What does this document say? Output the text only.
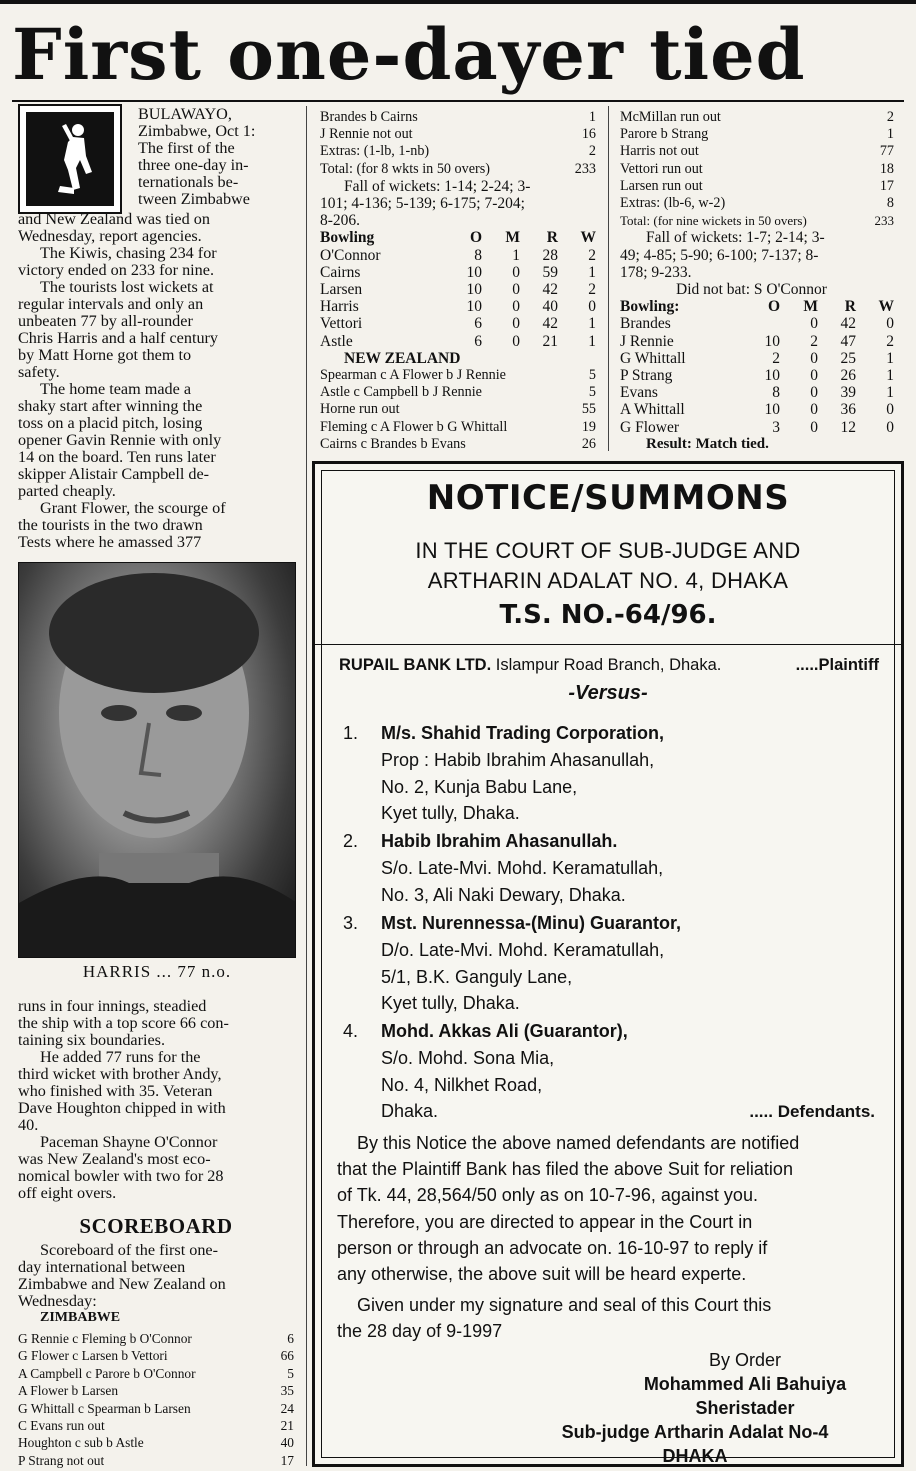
First one-dayer tied
BULAWAYO,
Zimbabwe, Oct 1:
The first of the
three one-day in-
ternationals be-
tween Zimbabwe
and New Zealand was tied on
Wednesday, report agencies.
The Kiwis, chasing 234 for
victory ended on 233 for nine.
The tourists lost wickets at
regular intervals and only an
unbeaten 77 by all-rounder
Chris Harris and a half century
by Matt Horne got them to
safety.
The home team made a
shaky start after winning the
toss on a placid pitch, losing
opener Gavin Rennie with only
14 on the board. Ten runs later
skipper Alistair Campbell de-
parted cheaply.
Grant Flower, the scourge of
the tourists in the two drawn
Tests where he amassed 377
HARRIS ... 77 n.o.
runs in four innings, steadied
the ship with a top score 66 con-
taining six boundaries.
He added 77 runs for the
third wicket with brother Andy,
who finished with 35. Veteran
Dave Houghton chipped in with
40.
Paceman Shayne O'Connor
was New Zealand's most eco-
nomical bowler with two for 28
off eight overs.
SCOREBOARD
Scoreboard of the first one-
day international between
Zimbabwe and New Zealand on
Wednesday:
ZIMBABWE
G Rennie c Fleming b O'Connor	6
G Flower c Larsen b Vettori	66
A Campbell c Parore b O'Connor	5
A Flower b Larsen	35
G Whittall c Spearman b Larsen	24
C Evans run out	21
Houghton c sub b Astle	40
P Strang not out	17
Brandes b Cairns	1
J Rennie not out	16
Extras: (1-lb, 1-nb)	2
Total: (for 8 wkts in 50 overs)	233
Fall of wickets: 1-14; 2-24; 3-
101; 4-136; 5-139; 6-175; 7-204;
8-206.
Bowling	O	M	R	W
O'Connor	8	1	28	2
Cairns	10	0	59	1
Larsen	10	0	42	2
Harris	10	0	40	0
Vettori	6	0	42	1
Astle	6	0	21	1
NEW ZEALAND
Spearman c A Flower b J Rennie	5
Astle c Campbell b J Rennie	5
Horne run out	55
Fleming c A Flower b G Whittall	19
Cairns c Brandes b Evans	26
McMillan run out	2
Parore b Strang	1
Harris not out	77
Vettori run out	18
Larsen run out	17
Extras: (lb-6, w-2)	8
Total: (for nine wickets in 50 overs)	233
Fall of wickets: 1-7; 2-14; 3-
49; 4-85; 5-90; 6-100; 7-137; 8-
178; 9-233.
Did not bat: S O'Connor
Bowling:	O	M	R	W
Brandes		0	42	0
J Rennie	10	2	47	2
G Whittall	2	0	25	1
P Strang	10	0	26	1
Evans	8	0	39	1
A Whittall	10	0	36	0
G Flower	3	0	12	0
Result: Match tied.
NOTICE/SUMMONS
IN THE COURT OF SUB-JUDGE AND
ARTHARIN ADALAT NO. 4, DHAKA
T.S. NO.-64/96.
RUPAIL BANK LTD. Islampur Road Branch, Dhaka.	.....Plaintiff
-Versus-
1. M/s. Shahid Trading Corporation,
Prop : Habib Ibrahim Ahasanullah,
No. 2, Kunja Babu Lane,
Kyet tully, Dhaka.
2. Habib Ibrahim Ahasanullah.
S/o. Late-Mvi. Mohd. Keramatullah,
No. 3, Ali Naki Dewary, Dhaka.
3. Mst. Nurennessa-(Minu) Guarantor,
D/o. Late-Mvi. Mohd. Keramatullah,
5/1, B.K. Ganguly Lane,
Kyet tully, Dhaka.
4. Mohd. Akkas Ali (Guarantor),
S/o. Mohd. Sona Mia,
No. 4, Nilkhet Road,
Dhaka.	..... Defendants.
By this Notice the above named defendants are notified
that the Plaintiff Bank has filed the above Suit for reliation
of Tk. 44, 28,564/50 only as on 10-7-96, against you.
Therefore, you are directed to appear in the Court in
person or through an advocate on. 16-10-97 to reply if
any otherwise, the above suit will be heard experte.
Given under my signature and seal of this Court this
the 28 day of 9-1997
By Order
Mohammed Ali Bahuiya
Sheristader
Sub-judge Artharin Adalat No-4
DHAKA
